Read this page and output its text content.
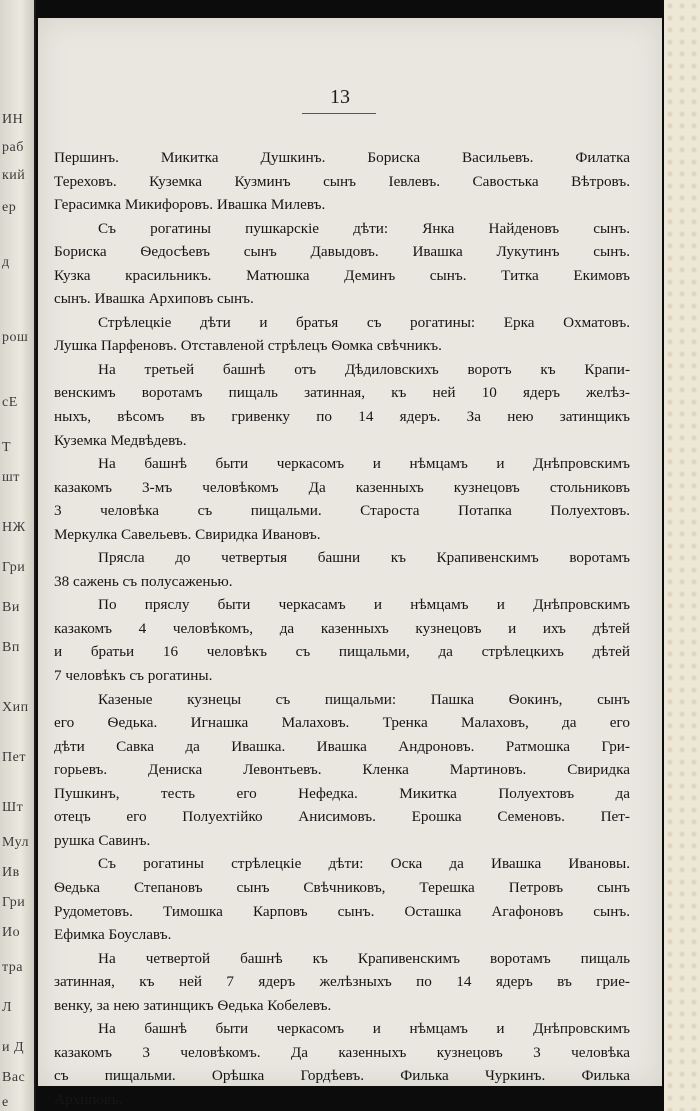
ИН
раб
кий
ер
д
рош
сЕ
Т
шт
НЖ
Гри
Ви
Вп
Хип
Пет
Шт
Мул
Ив
Гри
Ио
тра
Л
и Д
Вас
е
13

Першинъ. Микитка Душкинъ. Бориска Васильевъ. Филатка
Тереховъ. Куземка Кузминъ сынъ Іевлевъ. Савостька Вѣтровъ.
Герасимка Микифоровъ. Ивашка Милевъ.

Съ рогатины пушкарскіе дѣти: Янка Найденовъ сынъ.
Бориска Ѳедосѣевъ сынъ Давыдовъ. Ивашка Лукутинъ сынъ.
Кузка красильникъ. Матюшка Деминъ сынъ. Титка Екимовъ
сынъ. Ивашка Архиповъ сынъ.

Стрѣлецкіе дѣти и братья съ рогатины: Ерка Охматовъ.
Лушка Парфеновъ. Отставленой стрѣлецъ Ѳомка свѣчникъ.

На третьей башнѣ отъ Дѣдиловскихъ воротъ къ Крапи-
венскимъ воротамъ пищаль затинная, къ ней 10 ядеръ желѣз-
ныхъ, вѣсомъ въ гривенку по 14 ядеръ. За нею затинщикъ
Куземка Медвѣдевъ.

На башнѣ быти черкасомъ и нѣмцамъ и Днѣпровскимъ
казакомъ 3-мъ человѣкомъ Да казенныхъ кузнецовъ стольниковъ
3 человѣка съ пищальми. Староста Потапка Полуехтовъ.
Меркулка Савельевъ. Свиридка Ивановъ.

Прясла до четвертыя башни къ Крапивенскимъ воротамъ
38 сажень съ полусаженью.

По пряслу быти черкасамъ и нѣмцамъ и Днѣпровскимъ
казакомъ 4 человѣкомъ, да казенныхъ кузнецовъ и ихъ дѣтей
и братьи 16 человѣкъ съ пищальми, да стрѣлецкихъ дѣтей
7 человѣкъ съ рогатины.

Казеные кузнецы съ пищальми: Пашка Ѳокинъ, сынъ
его Ѳедька. Игнашка Малаховъ. Тренка Малаховъ, да его
дѣти Савка да Ивашка. Ивашка Андроновъ. Ратмошка Гри-
горьевъ. Дениска Левонтьевъ. Кленка Мартиновъ. Свиридка
Пушкинъ, тесть его Нефедка. Микитка Полуехтовъ да
отецъ его Полуехтійко Анисимовъ. Ерошка Семеновъ. Пет-
рушка Савинъ.

Съ рогатины стрѣлецкіе дѣти: Оска да Ивашка Ивановы.
Ѳедька Степановъ сынъ Свѣчниковъ, Терешка Петровъ сынъ
Рудометовъ. Тимошка Карповъ сынъ. Осташка Агафоновъ сынъ.
Ефимка Боуславъ.

На четвертой башнѣ къ Крапивенскимъ воротамъ пищаль
затинная, къ ней 7 ядеръ желѣзныхъ по 14 ядеръ въ грие-
венку, за нею затинщикъ Ѳедька Кобелевъ.

На башнѣ быти черкасомъ и нѣмцамъ и Днѣпровскимъ
казакомъ 3 человѣкомъ. Да казенныхъ кузнецовъ 3 человѣка
съ пищальми. Орѣшка Гордѣевъ. Филька Чуркинъ. Филька
Архиповъ.
